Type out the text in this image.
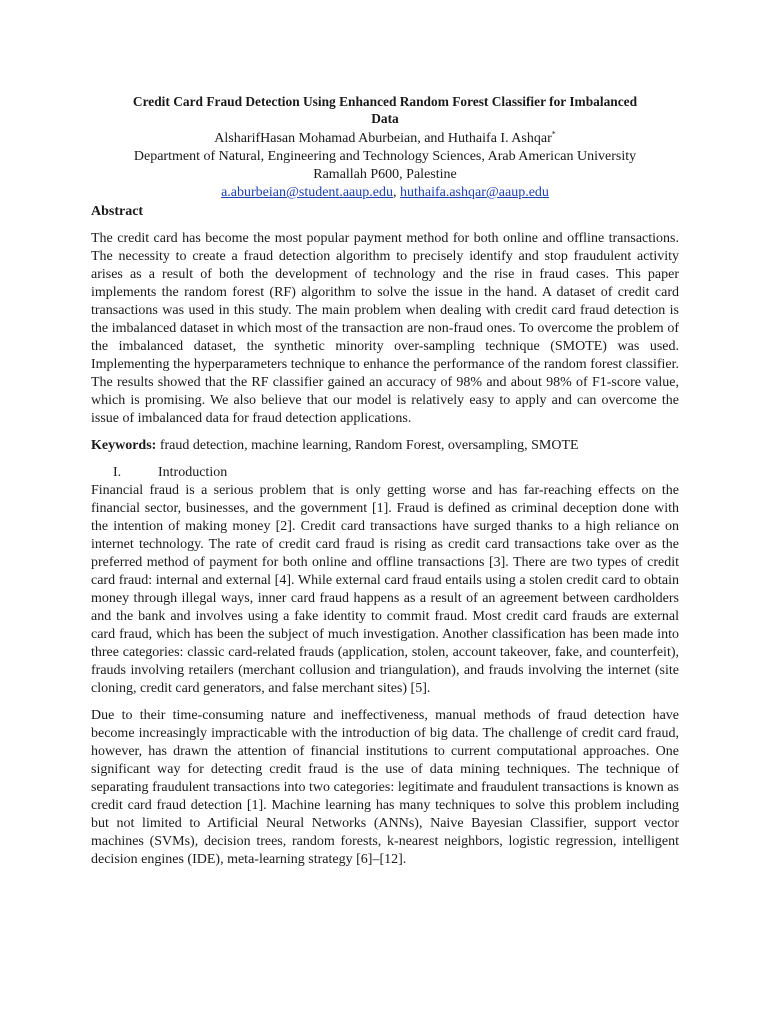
Credit Card Fraud Detection Using Enhanced Random Forest Classifier for Imbalanced
Data
AlsharifHasan Mohamad Aburbeian, and Huthaifa I. Ashqar*
Department of Natural, Engineering and Technology Sciences, Arab American University
Ramallah P600, Palestine
a.aburbeian@student.aaup.edu, huthaifa.ashqar@aaup.edu
Abstract

The credit card has become the most popular payment method for both online and offline transactions. The necessity to create a fraud detection algorithm to precisely identify and stop fraudulent activity arises as a result of both the development of technology and the rise in fraud cases. This paper implements the random forest (RF) algorithm to solve the issue in the hand. A dataset of credit card transactions was used in this study. The main problem when dealing with credit card fraud detection is the imbalanced dataset in which most of the transaction are non-fraud ones. To overcome the problem of the imbalanced dataset, the synthetic minority over-sampling technique (SMOTE) was used. Implementing the hyperparameters technique to enhance the performance of the random forest classifier. The results showed that the RF classifier gained an accuracy of 98% and about 98% of F1-score value, which is promising. We also believe that our model is relatively easy to apply and can overcome the issue of imbalanced data for fraud detection applications.

Keywords: fraud detection, machine learning, Random Forest, oversampling, SMOTE
I.	Introduction

Financial fraud is a serious problem that is only getting worse and has far-reaching effects on the financial sector, businesses, and the government [1]. Fraud is defined as criminal deception done with the intention of making money [2]. Credit card transactions have surged thanks to a high reliance on internet technology. The rate of credit card fraud is rising as credit card transactions take over as the preferred method of payment for both online and offline transactions [3]. There are two types of credit card fraud: internal and external [4]. While external card fraud entails using a stolen credit card to obtain money through illegal ways, inner card fraud happens as a result of an agreement between cardholders and the bank and involves using a fake identity to commit fraud. Most credit card frauds are external card fraud, which has been the subject of much investigation. Another classification has been made into three categories: classic card-related frauds (application, stolen, account takeover, fake, and counterfeit), frauds involving retailers (merchant collusion and triangulation), and frauds involving the internet (site cloning, credit card generators, and false merchant sites) [5].

Due to their time-consuming nature and ineffectiveness, manual methods of fraud detection have become increasingly impracticable with the introduction of big data. The challenge of credit card fraud, however, has drawn the attention of financial institutions to current computational approaches. One significant way for detecting credit fraud is the use of data mining techniques. The technique of separating fraudulent transactions into two categories: legitimate and fraudulent transactions is known as credit card fraud detection [1]. Machine learning has many techniques to solve this problem including but not limited to Artificial Neural Networks (ANNs), Naive Bayesian Classifier, support vector machines (SVMs), decision trees, random forests, k-nearest neighbors, logistic regression, intelligent decision engines (IDE), meta-learning strategy [6]–[12].
